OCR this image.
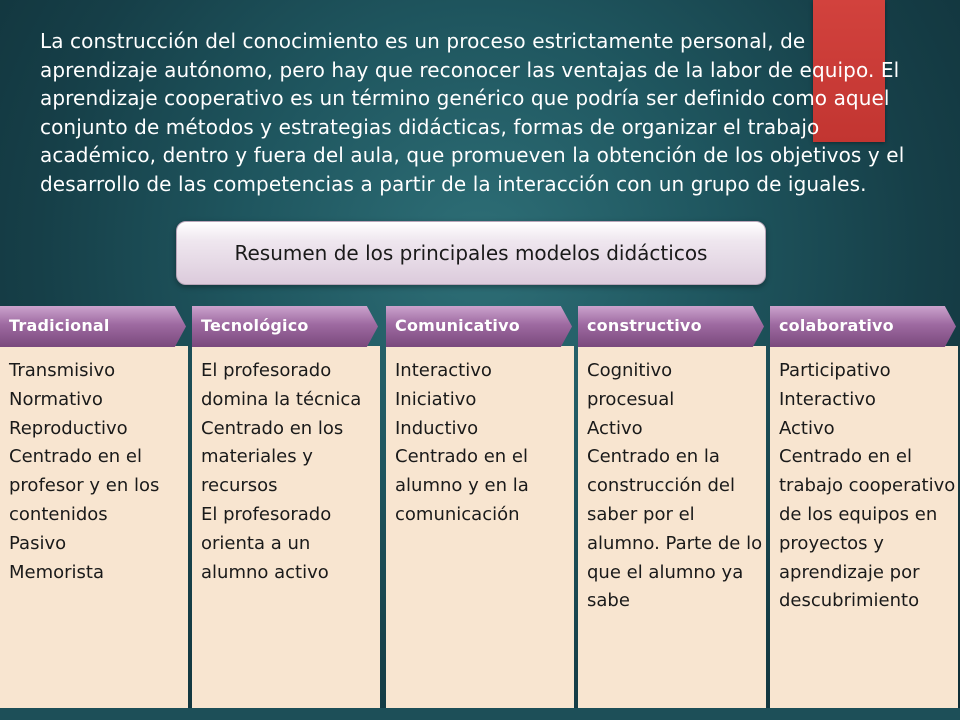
La construcción del conocimiento es un proceso estrictamente personal, de aprendizaje autónomo, pero hay que reconocer las ventajas de la labor de equipo. El aprendizaje cooperativo es un término genérico que podría ser definido como aquel conjunto de métodos y estrategias didácticas, formas de organizar el trabajo académico, dentro y fuera del aula, que promueven la obtención de los objetivos y el desarrollo de las competencias a partir de la interacción con un grupo de iguales.

Resumen de los principales modelos didácticos
Tradicional

Transmisivo
Normativo
Reproductivo
Centrado en el profesor y en los contenidos
Pasivo
Memorista

Tecnológico

El profesorado domina la técnica
Centrado en los materiales y recursos
El profesorado orienta a un alumno activo

Comunicativo

Interactivo
Iniciativo
Inductivo
Centrado en el alumno y en la comunicación

constructivo

Cognitivo procesual
Activo
Centrado en la construcción del saber por el alumno. Parte de lo que el alumno ya sabe

colaborativo

Participativo
Interactivo
Activo
Centrado en el trabajo cooperativo de los equipos en proyectos y aprendizaje por descubrimiento
